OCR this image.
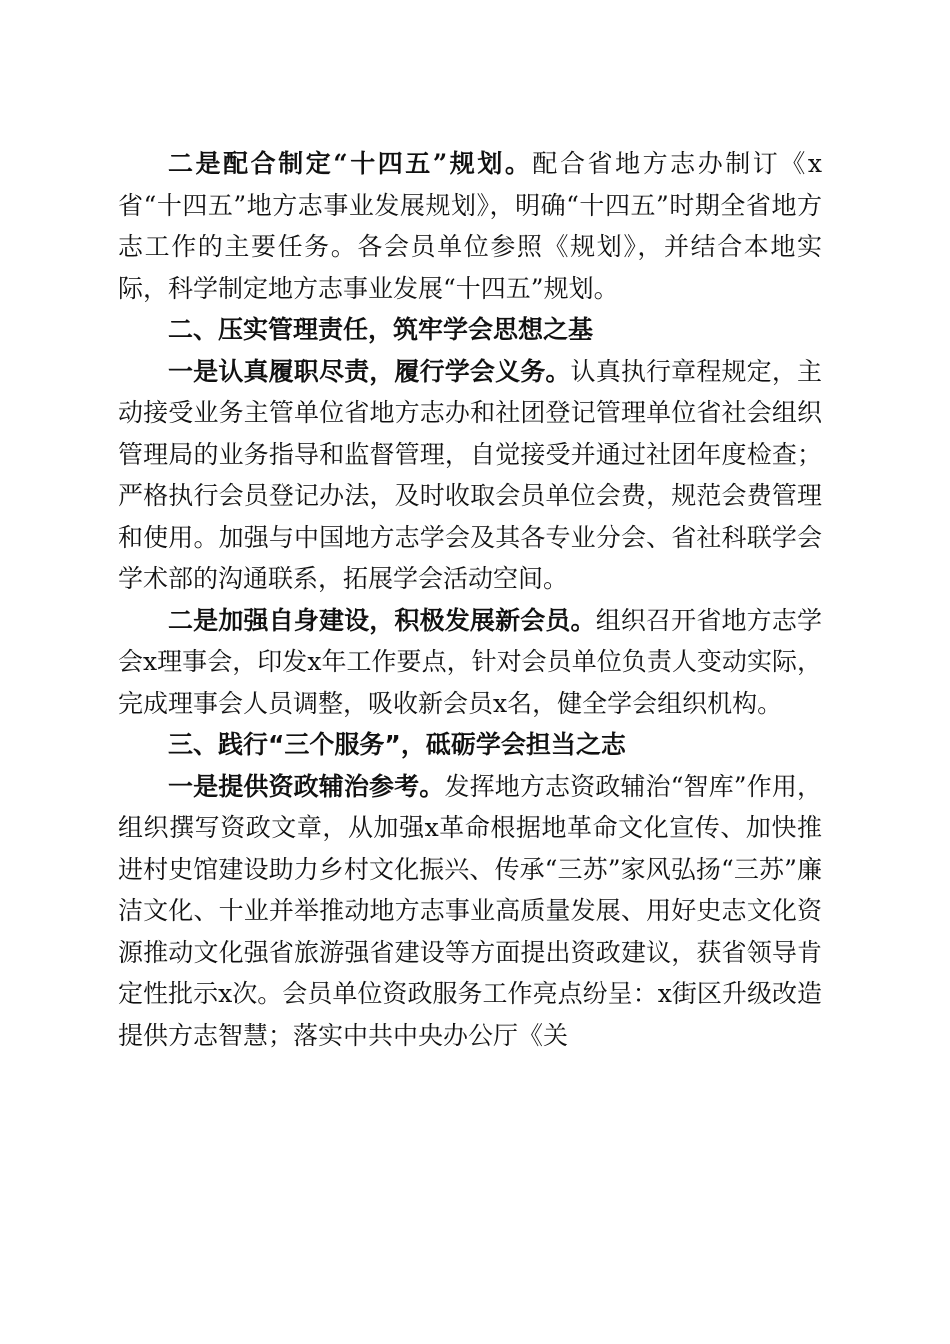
二是配合制定“十四五”规划。配合省地方志办制订《x省“十四五”地方志事业发展规划》，明确“十四五”时期全省地方志工作的主要任务。各会员单位参照《规划》，并结合本地实际，科学制定地方志事业发展“十四五”规划。

二、压实管理责任，筑牢学会思想之基

一是认真履职尽责，履行学会义务。认真执行章程规定，主动接受业务主管单位省地方志办和社团登记管理单位省社会组织管理局的业务指导和监督管理，自觉接受并通过社团年度检查；严格执行会员登记办法，及时收取会员单位会费，规范会费管理和使用。加强与中国地方志学会及其各专业分会、省社科联学会学术部的沟通联系，拓展学会活动空间。

二是加强自身建设，积极发展新会员。组织召开省地方志学会x理事会，印发x年工作要点，针对会员单位负责人变动实际，完成理事会人员调整，吸收新会员x名，健全学会组织机构。

三、践行“三个服务”，砥砺学会担当之志

一是提供资政辅治参考。发挥地方志资政辅治“智库”作用，组织撰写资政文章，从加强x革命根据地革命文化宣传、加快推进村史馆建设助力乡村文化振兴、传承“三苏”家风弘扬“三苏”廉洁文化、十业并举推动地方志事业高质量发展、用好史志文化资源推动文化强省旅游强省建设等方面提出资政建议，获省领导肯定性批示x次。会员单位资政服务工作亮点纷呈：x街区升级改造提供方志智慧；落实中共中央办公厅《关
